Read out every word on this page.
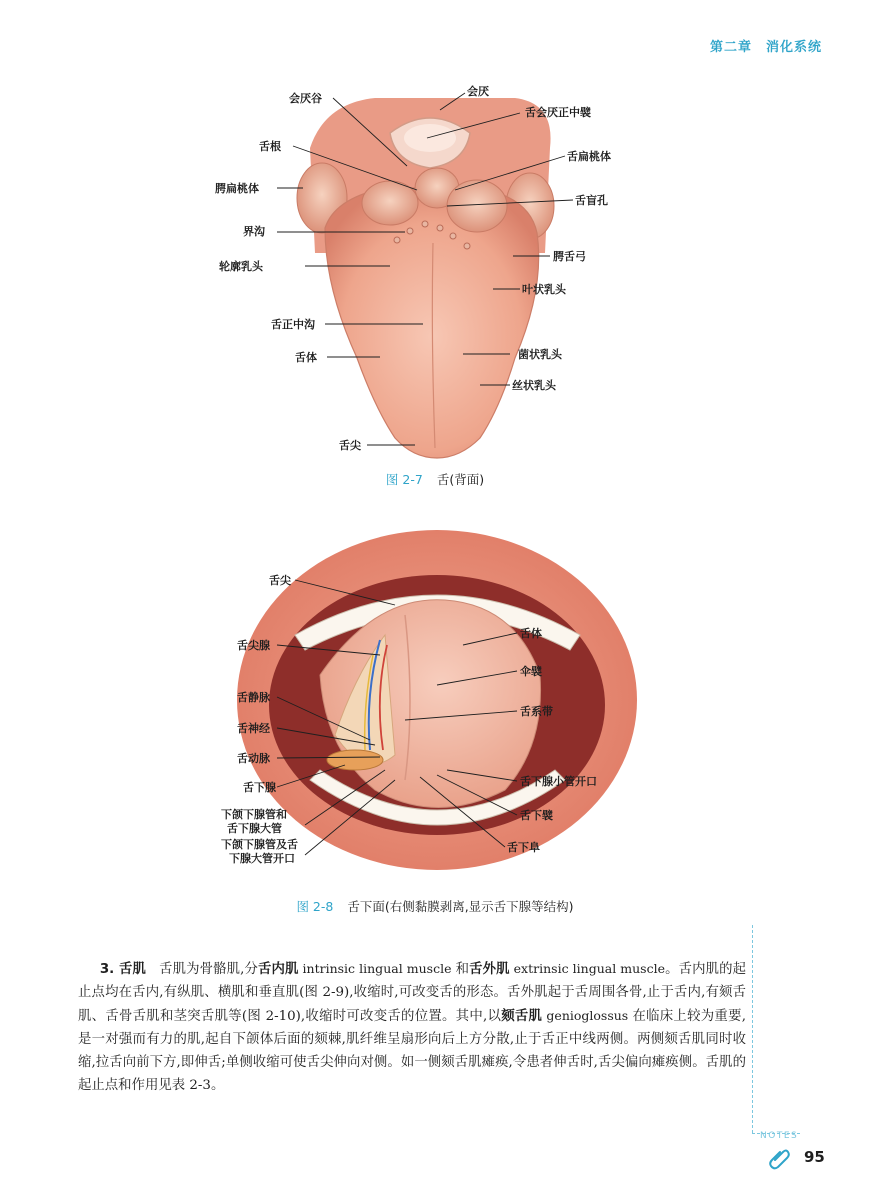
第二章　消化系统
会厌谷
会厌
舌会厌正中襞
舌根
舌扁桃体
腭扁桃体
舌盲孔
界沟
腭舌弓
轮廓乳头
叶状乳头
舌正中沟
舌体	菌状乳头
丝状乳头
舌尖
图 2-7 舌(背面)
舌尖
舌尖腺
舌体
伞襞
舌静脉
舌系带
舌神经
舌动脉
舌下腺	舌下腺小管开口
下颌下腺管和
舌下腺大管
舌下襞
下颌下腺管及舌
下腺大管开口
舌下阜
图 2-8 舌下面(右侧黏膜剥离,显示舌下腺等结构)
3. 舌肌 舌肌为骨骼肌,分舌内肌 intrinsic lingual muscle 和舌外肌 extrinsic lingual muscle。舌内肌的起止点均在舌内,有纵肌、横肌和垂直肌(图 2-9),收缩时,可改变舌的形态。舌外肌起于舌周围各骨,止于舌内,有颏舌肌、舌骨舌肌和茎突舌肌等(图 2-10),收缩时可改变舌的位置。其中,以颏舌肌 genioglossus 在临床上较为重要,是一对强而有力的肌,起自下颌体后面的颏棘,肌纤维呈扇形向后上方分散,止于舌正中线两侧。两侧颏舌肌同时收缩,拉舌向前下方,即伸舌;单侧收缩可使舌尖伸向对侧。如一侧颏舌肌瘫痪,令患者伸舌时,舌尖偏向瘫痪侧。舌肌的起止点和作用见表 2-3。
NOTES
95
